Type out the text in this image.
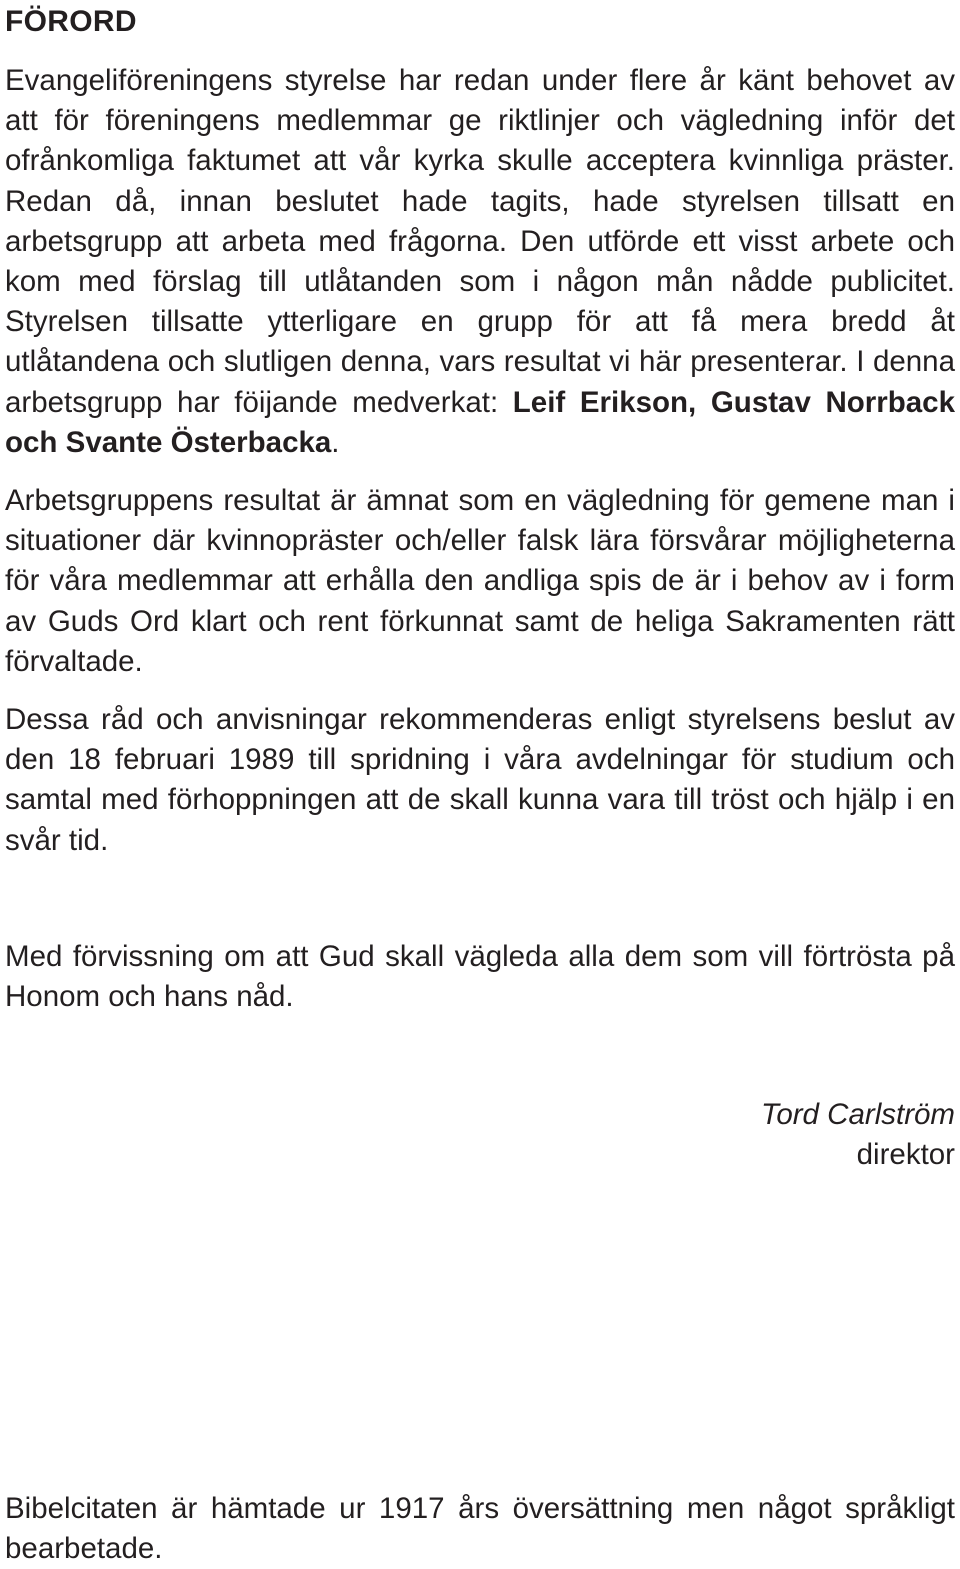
FÖRORD

Evangeliföreningens styrelse har redan under flere år känt behovet av att för föreningens medlemmar ge riktlinjer och vägledning inför det ofrånkomliga faktumet att vår kyrka skulle acceptera kvinnliga präster. Redan då, innan beslutet hade tagits, hade styrelsen tillsatt en arbetsgrupp att arbeta med frågorna. Den utförde ett visst arbete och kom med förslag till utlåtanden som i någon mån nådde publicitet. Styrelsen tillsatte ytterligare en grupp för att få mera bredd åt utlåtandena och slutligen denna, vars resultat vi här presenterar. I denna arbetsgrupp har föijande medverkat: Leif Erikson, Gustav Norrback och Svante Österbacka.

Arbetsgruppens resultat är ämnat som en vägledning för gemene man i situationer där kvinnopräster och/eller falsk lära försvårar möjligheterna för våra medlemmar att erhålla den andliga spis de är i behov av i form av Guds Ord klart och rent förkunnat samt de heliga Sakramenten rätt förvaltade.

Dessa råd och anvisningar rekommenderas enligt styrelsens beslut av den 18 februari 1989 till spridning i våra avdelningar för studium och samtal med förhoppningen att de skall kunna vara till tröst och hjälp i en svår tid.

Med förvissning om att Gud skall vägleda alla dem som vill förtrösta på Honom och hans nåd.

Tord Carlström
direktor

Bibelcitaten är hämtade ur 1917 års översättning men något språkligt bearbetade.
